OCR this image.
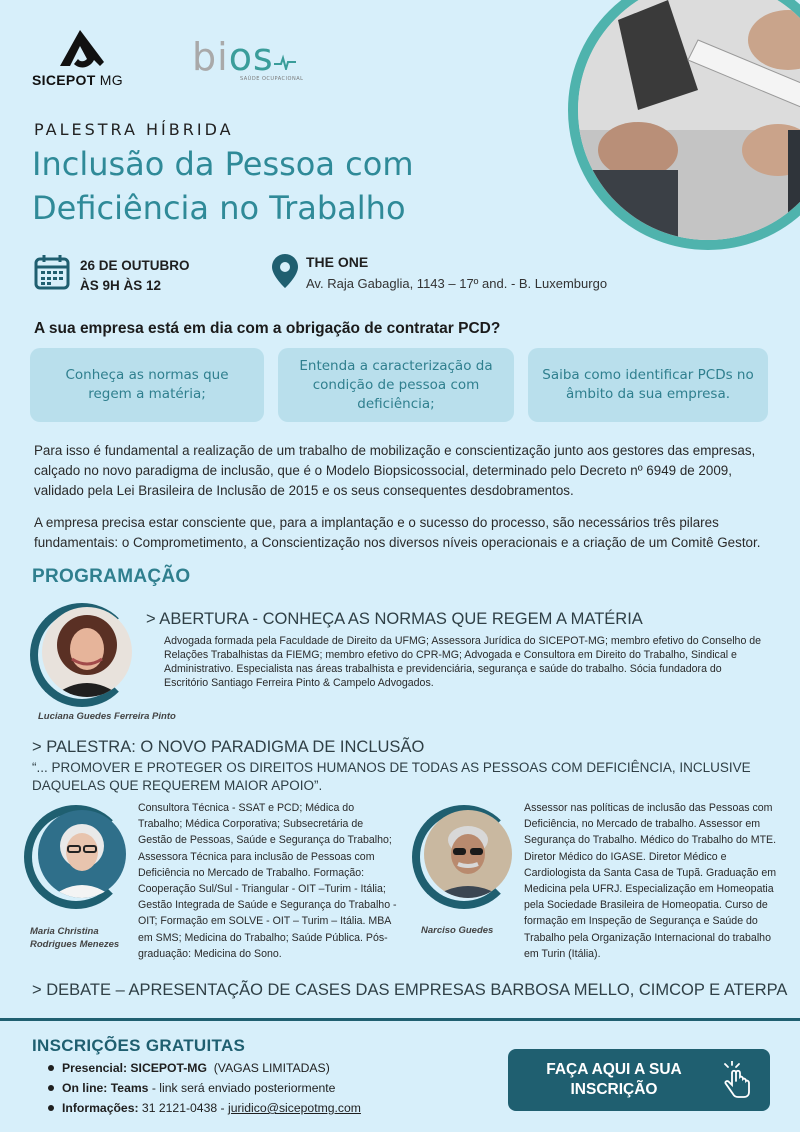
SICEPOT MG
bios
SAÚDE OCUPACIONAL
PALESTRA HÍBRIDA
Inclusão da Pessoa com
Deficiência no Trabalho
26 DE OUTUBRO
ÀS 9H ÀS 12
THE ONE
Av. Raja Gabaglia, 1143 – 17º and. - B. Luxemburgo
A sua empresa está em dia com a obrigação de contratar PCD?
Conheça as normas que regem a matéria;
Entenda a caracterização da condição de pessoa com deficiência;
Saiba como identificar PCDs no âmbito da sua empresa.

Para isso é fundamental a realização de um trabalho de mobilização e conscientização junto aos gestores das empresas, calçado no novo paradigma de inclusão, que é o Modelo Biopsicossocial, determinado pelo Decreto nº 6949 de 2009, validado pela Lei Brasileira de Inclusão de 2015 e os seus consequentes desdobramentos.

A empresa precisa estar consciente que, para a implantação e o sucesso do processo, são necessários três pilares fundamentais: o Comprometimento, a Conscientização nos diversos níveis operacionais e a criação de um Comitê Gestor.

PROGRAMAÇÃO
Luciana Guedes Ferreira Pinto
> ABERTURA - CONHEÇA AS NORMAS QUE REGEM A MATÉRIA

Advogada formada pela Faculdade de Direito da UFMG; Assessora Jurídica do SICEPOT-MG; membro efetivo do Conselho de Relações Trabalhistas da FIEMG; membro efetivo do CPR-MG; Advogada e Consultora em Direito do Trabalho, Sindical e Administrativo. Especialista nas áreas trabalhista e previdenciária, segurança e saúde do trabalho. Sócia fundadora do Escritório Santiago Ferreira Pinto & Campelo Advogados.

> PALESTRA: O NOVO PARADIGMA DE INCLUSÃO
“... PROMOVER E PROTEGER OS DIREITOS HUMANOS DE TODAS AS PESSOAS COM DEFICIÊNCIA, INCLUSIVE DAQUELAS QUE REQUEREM MAIOR APOIO”.
Maria Christina
Rodrigues Menezes

Consultora Técnica - SSAT e PCD; Médica do Trabalho; Médica Corporativa; Subsecretária de Gestão de Pessoas, Saúde e Segurança do Trabalho; Assessora Técnica para inclusão de Pessoas com Deficiência no Mercado de Trabalho. Formação: Cooperação Sul/Sul - Triangular - OIT –Turim - Itália; Gestão Integrada de Saúde e Segurança do Trabalho - OIT; Formação em SOLVE - OIT – Turim – Itália. MBA em SMS; Medicina do Trabalho; Saúde Pública. Pós-graduação: Medicina do Sono.

Narciso Guedes

Assessor nas políticas de inclusão das Pessoas com Deficiência, no Mercado de trabalho. Assessor em Segurança do Trabalho. Médico do Trabalho do MTE. Diretor Médico do IGASE. Diretor Médico e Cardiologista da Santa Casa de Tupã. Graduação em Medicina pela UFRJ. Especialização em Homeopatia pela Sociedade Brasileira de Homeopatia. Curso de formação em Inspeção de Segurança e Saúde do Trabalho pela Organização Internacional do trabalho em Turin (Itália).

> DEBATE – APRESENTAÇÃO DE CASES DAS EMPRESAS BARBOSA MELLO, CIMCOP E ATERPA
INSCRIÇÕES GRATUITAS
Presencial: SICEPOT-MG  (VAGAS LIMITADAS)
On line: Teams - link será enviado posteriormente
Informações: 31 2121-0438 - juridico@sicepotmg.com
FAÇA AQUI A SUA
INSCRIÇÃO
